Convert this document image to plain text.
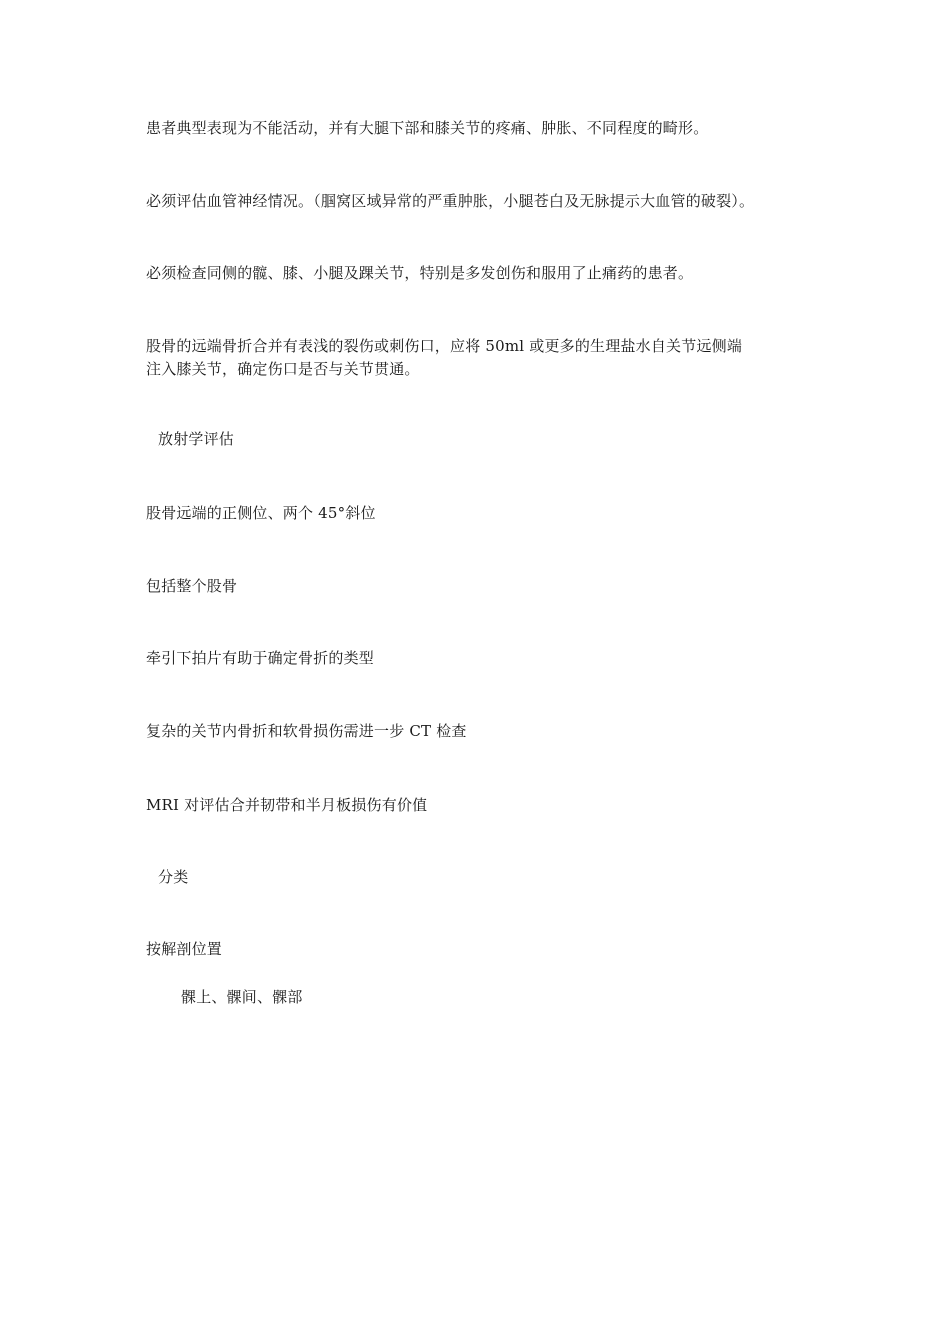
患者典型表现为不能活动，并有大腿下部和膝关节的疼痛、肿胀、不同程度的畸形。
必须评估血管神经情况。（腘窝区域异常的严重肿胀，小腿苍白及无脉提示大血管的破裂）。
必须检查同侧的髋、膝、小腿及踝关节，特别是多发创伤和服用了止痛药的患者。
股骨的远端骨折合并有表浅的裂伤或刺伤口，应将 50ml 或更多的生理盐水自关节远侧端
注入膝关节，确定伤口是否与关节贯通。
放射学评估
股骨远端的正侧位、两个 45°斜位
包括整个股骨
牵引下拍片有助于确定骨折的类型
复杂的关节内骨折和软骨损伤需进一步 CT 检查
MRI 对评估合并韧带和半月板损伤有价值
分类
按解剖位置
髁上、髁间、髁部
